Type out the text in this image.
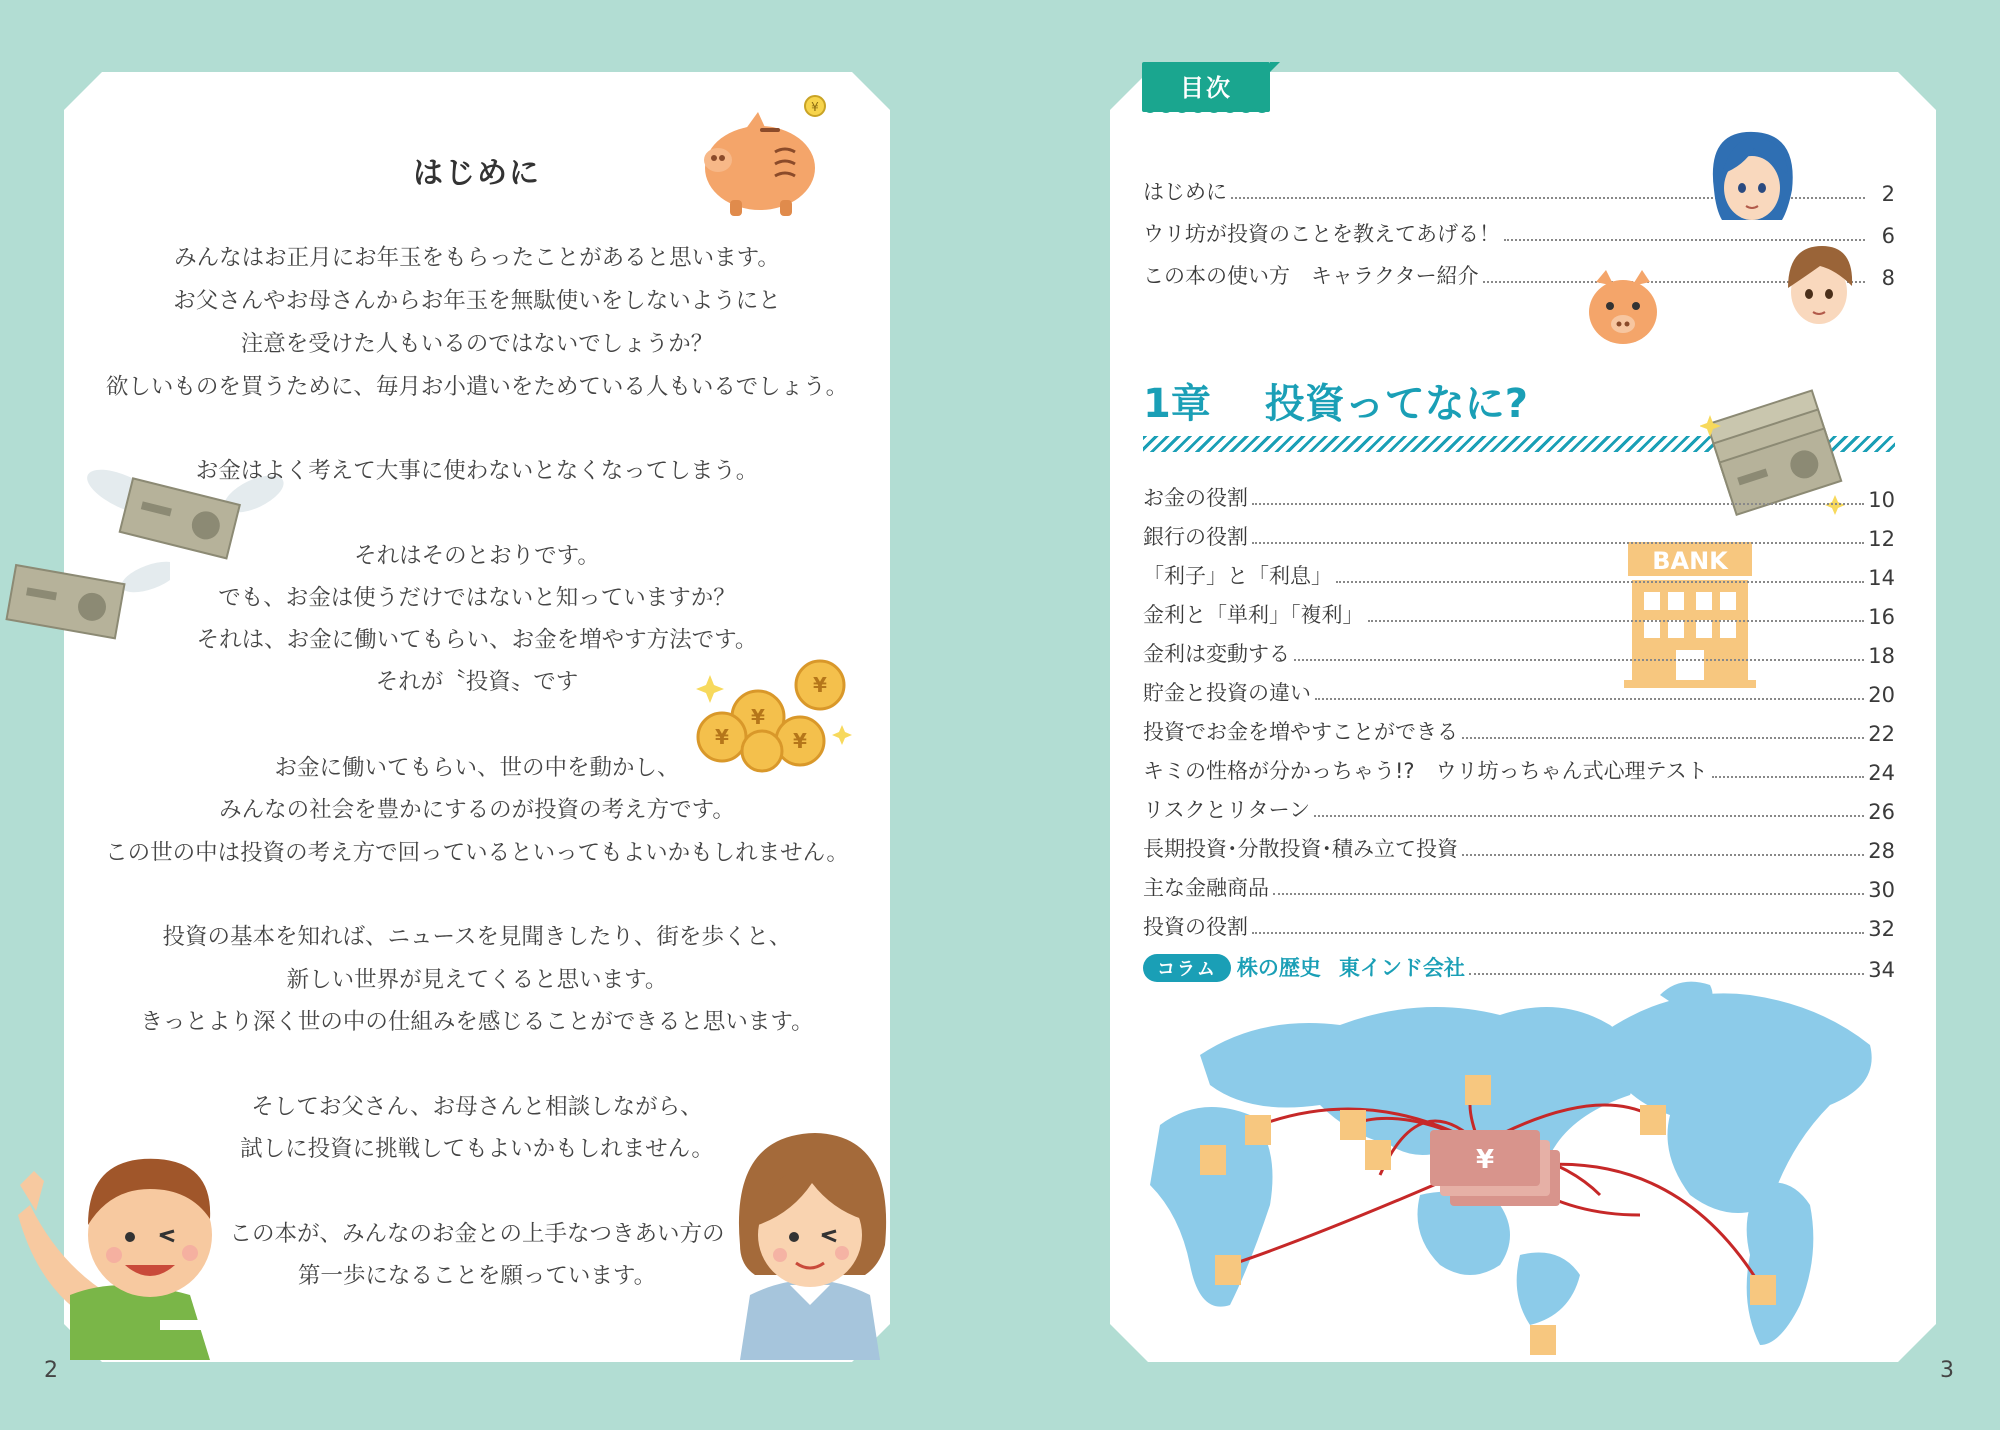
はじめに
¥
¥
¥
¥	¥
みんなはお正月にお年玉をもらったことがあると思います。
お父さんやお母さんからお年玉を無駄使いをしないようにと
注意を受けた人もいるのではないでしょうか？
欲しいものを買うために、毎月お小遣いをためている人もいるでしょう。
お金はよく考えて大事に使わないとなくなってしまう。
それはそのとおりです。
でも、お金は使うだけではないと知っていますか？
それは、お金に働いてもらい、お金を増やす方法です。
それが〝投資〟です
お金に働いてもらい、世の中を動かし、
みんなの社会を豊かにするのが投資の考え方です。
この世の中は投資の考え方で回っているといってもよいかもしれません。
投資の基本を知れば、ニュースを見聞きしたり、街を歩くと、
新しい世界が見えてくると思います。
きっとより深く世の中の仕組みを感じることができると思います。
そしてお父さん、お母さんと相談しながら、
試しに投資に挑戦してもよいかもしれません。
この本が、みんなのお金との上手なつきあい方の
第一歩になることを願っています。
2
¥
目次
はじめに	2
ウリ坊が投資のことを教えてあげる！	6
この本の使い方　キャラクター紹介	8
1章 投資ってなに?
BANK
お金の役割	10
銀行の役割	12
「利子」と「利息」	14
金利と「単利」「複利」	16
金利は変動する	18
貯金と投資の違い	20
投資でお金を増やすことができる	22
キミの性格が分かっちゃう!?　ウリ坊っちゃん式心理テスト	24
リスクとリターン	26
長期投資･分散投資･積み立て投資	28
主な金融商品	30
投資の役割	32
コラム 株の歴史 東インド会社	34
3
